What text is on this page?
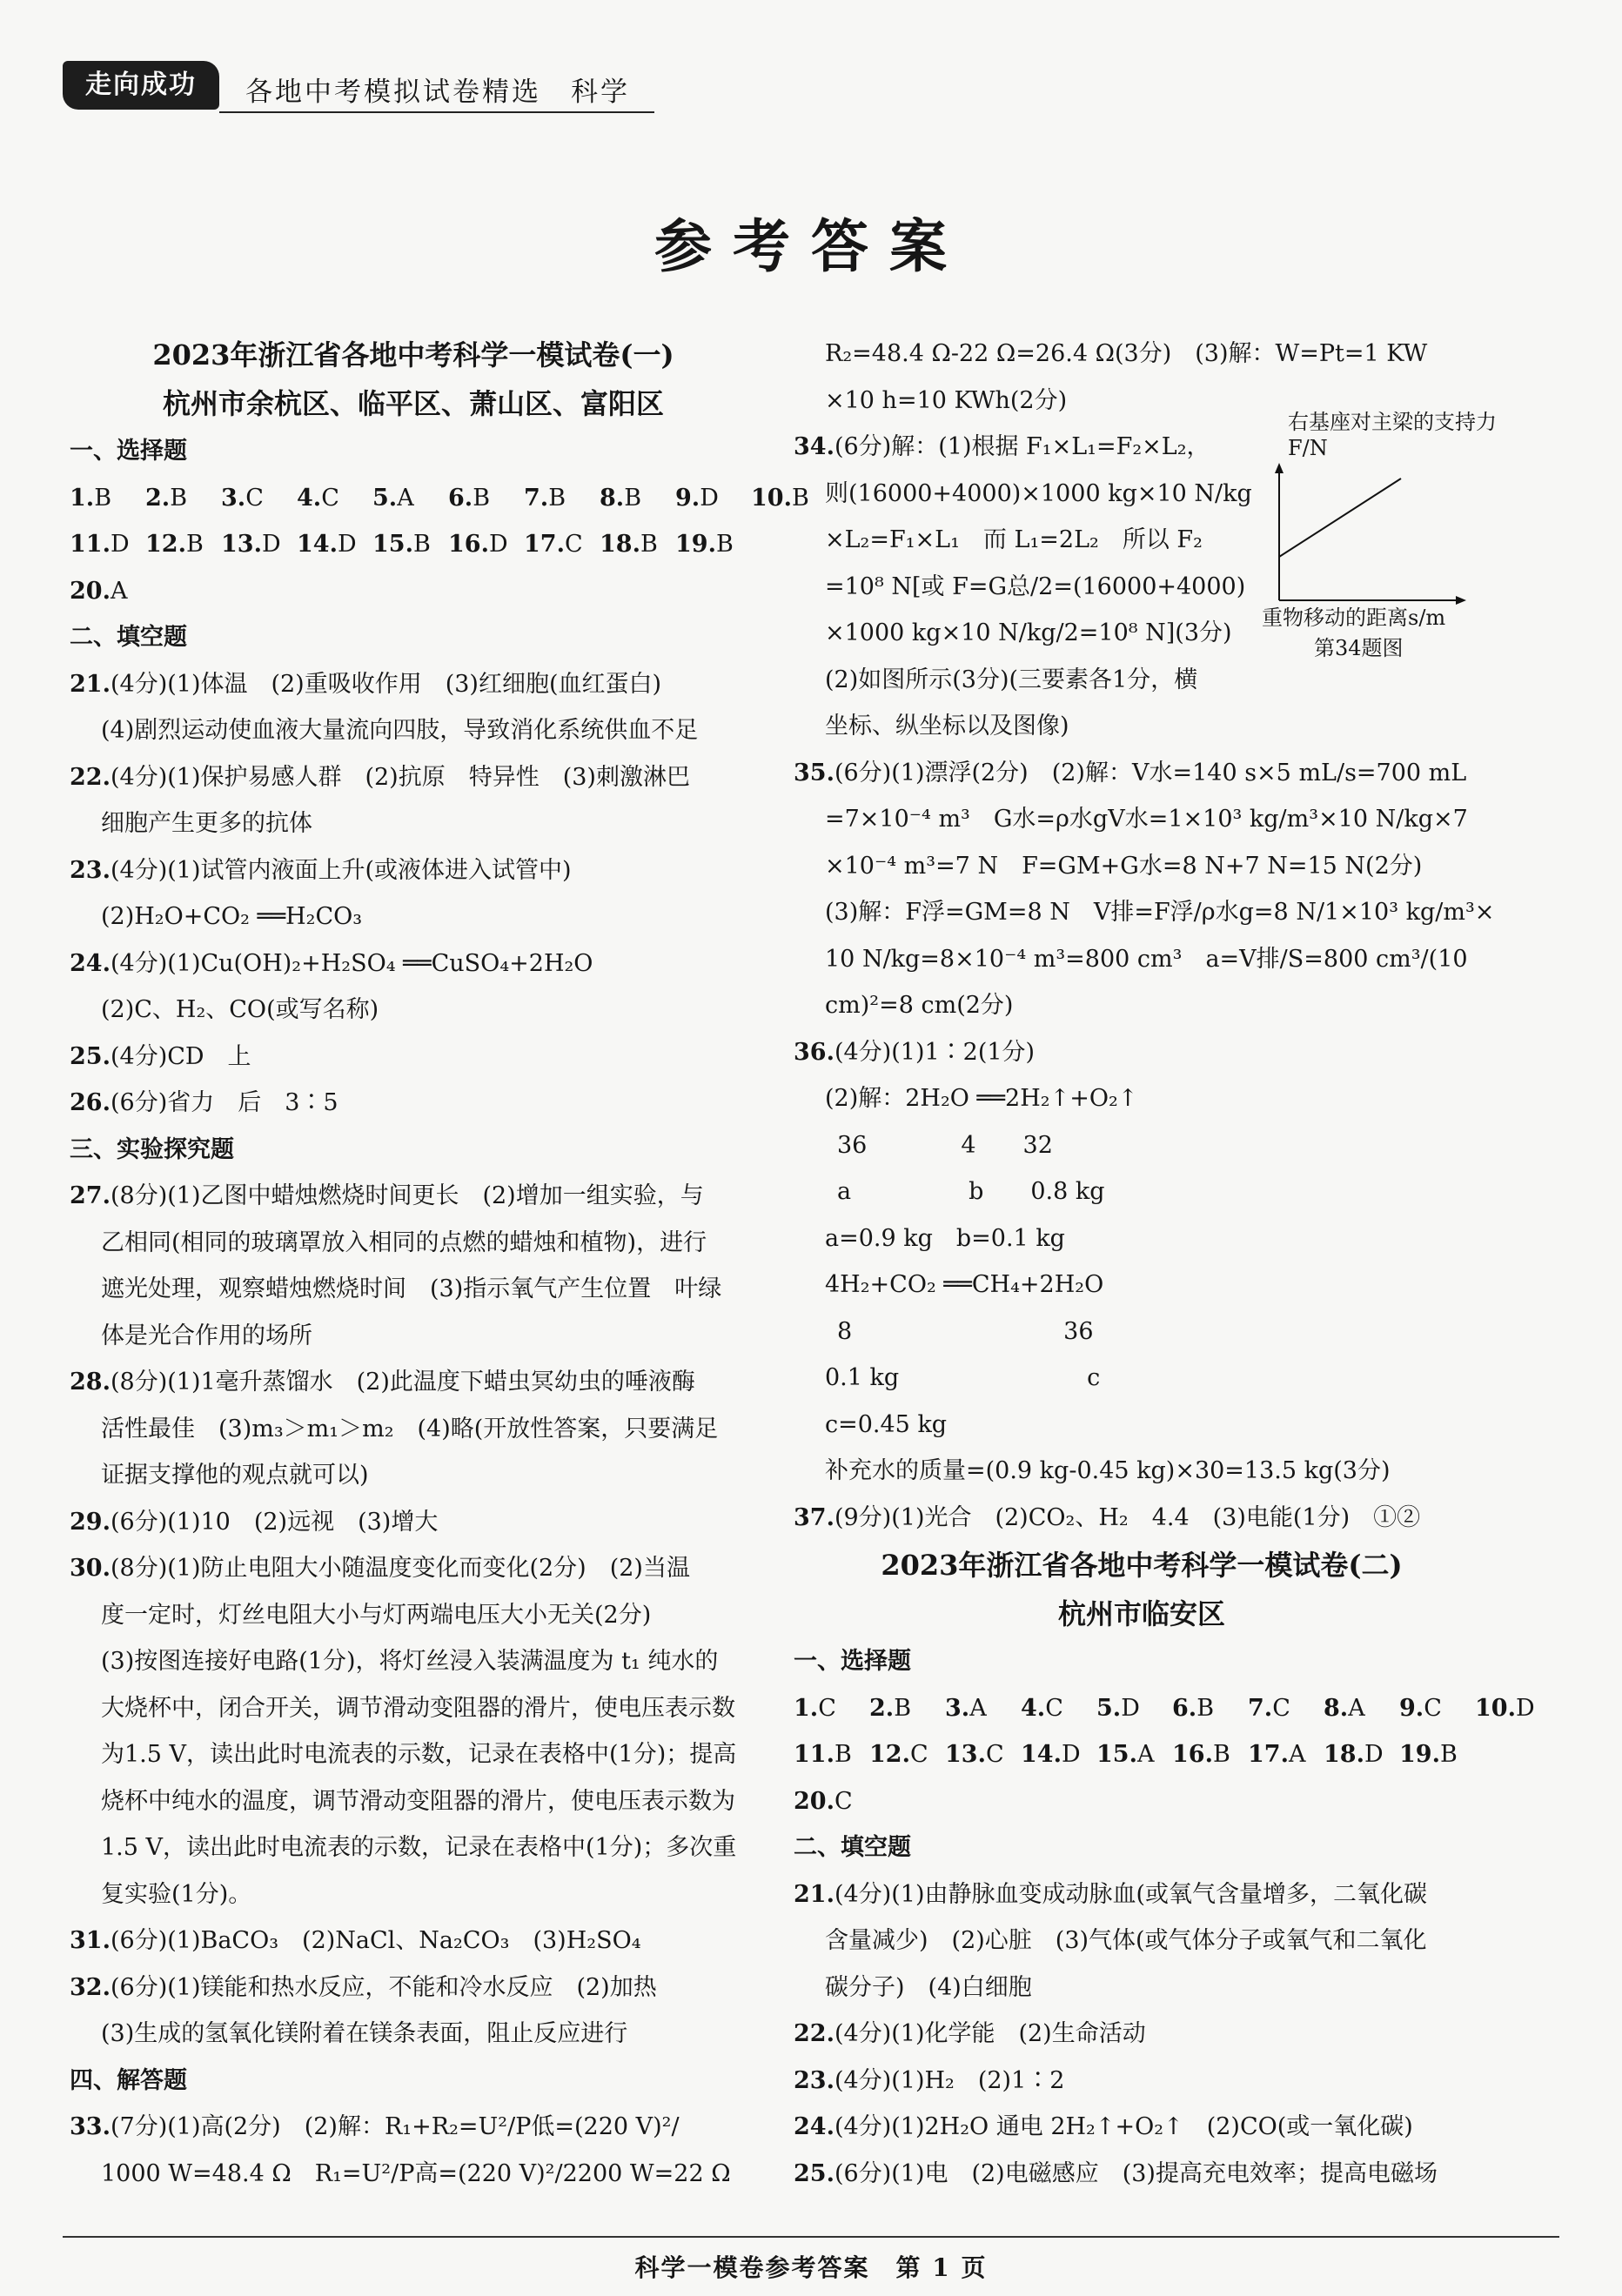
走向成功	各地中考模拟试卷精选　科学
参考答案
2023年浙江省各地中考科学一模试卷(一)
杭州市余杭区、临平区、萧山区、富阳区
一、选择题
1.B 2.B 3.C 4.C 5.A 6.B 7.B 8.B 9.D 10.B
11.D 12.B 13.D 14.D 15.B 16.D 17.C 18.B 19.B
20.A
二、填空题
21.(4分)(1)体温　(2)重吸收作用　(3)红细胞(血红蛋白)
(4)剧烈运动使血液大量流向四肢，导致消化系统供血不足
22.(4分)(1)保护易感人群　(2)抗原　特异性　(3)刺激淋巴
细胞产生更多的抗体
23.(4分)(1)试管内液面上升(或液体进入试管中)
(2)H₂O+CO₂ ══H₂CO₃
24.(4分)(1)Cu(OH)₂+H₂SO₄ ══CuSO₄+2H₂O
(2)C、H₂、CO(或写名称)
25.(4分)CD　上
26.(6分)省力　后　3∶5
三、实验探究题
27.(8分)(1)乙图中蜡烛燃烧时间更长　(2)增加一组实验，与
乙相同(相同的玻璃罩放入相同的点燃的蜡烛和植物)，进行
遮光处理，观察蜡烛燃烧时间　(3)指示氧气产生位置　叶绿
体是光合作用的场所
28.(8分)(1)1毫升蒸馏水　(2)此温度下蜡虫冥幼虫的唾液酶
活性最佳　(3)m₃＞m₁＞m₂　(4)略(开放性答案，只要满足
证据支撑他的观点就可以)
29.(6分)(1)10　(2)远视　(3)增大
30.(8分)(1)防止电阻大小随温度变化而变化(2分)　(2)当温
度一定时，灯丝电阻大小与灯两端电压大小无关(2分)
(3)按图连接好电路(1分)，将灯丝浸入装满温度为 t₁ 纯水的
大烧杯中，闭合开关，调节滑动变阻器的滑片，使电压表示数
为1.5 V，读出此时电流表的示数，记录在表格中(1分)；提高
烧杯中纯水的温度，调节滑动变阻器的滑片，使电压表示数为
1.5 V，读出此时电流表的示数，记录在表格中(1分)；多次重
复实验(1分)。
31.(6分)(1)BaCO₃　(2)NaCl、Na₂CO₃　(3)H₂SO₄
32.(6分)(1)镁能和热水反应，不能和冷水反应　(2)加热
(3)生成的氢氧化镁附着在镁条表面，阻止反应进行
四、解答题
33.(7分)(1)高(2分)　(2)解：R₁+R₂=U²/P低=(220 V)²/
1000 W=48.4 Ω　R₁=U²/P高=(220 V)²/2200 W=22 Ω
R₂=48.4 Ω-22 Ω=26.4 Ω(3分)　(3)解：W=Pt=1 KW
×10 h=10 KWh(2分)
34.(6分)解：(1)根据 F₁×L₁=F₂×L₂，
则(16000+4000)×1000 kg×10 N/kg
×L₂=F₁×L₁　而 L₁=2L₂　所以 F₂
=10⁸ N[或 F=G总/2=(16000+4000)
×1000 kg×10 N/kg/2=10⁸ N](3分)
(2)如图所示(3分)(三要素各1分，横
坐标、纵坐标以及图像)
35.(6分)(1)漂浮(2分)　(2)解：V水=140 s×5 mL/s=700 mL
=7×10⁻⁴ m³　G水=ρ水gV水=1×10³ kg/m³×10 N/kg×7
×10⁻⁴ m³=7 N　F=GM+G水=8 N+7 N=15 N(2分)
(3)解：F浮=GM=8 N　V排=F浮/ρ水g=8 N/1×10³ kg/m³×
10 N/kg=8×10⁻⁴ m³=800 cm³　a=V排/S=800 cm³/(10
cm)²=8 cm(2分)
36.(4分)(1)1∶2(1分)
(2)解：2H₂O ══2H₂↑+O₂↑
36　　　　4　　32
a　　　　　b　　0.8 kg
a=0.9 kg　b=0.1 kg
4H₂+CO₂ ══CH₄+2H₂O
8　　　　　　　　　36
0.1 kg　　　　　　　　c
c=0.45 kg
补充水的质量=(0.9 kg-0.45 kg)×30=13.5 kg(3分)
37.(9分)(1)光合　(2)CO₂、H₂　4.4　(3)电能(1分)　①②
2023年浙江省各地中考科学一模试卷(二)
杭州市临安区
一、选择题
1.C 2.B 3.A 4.C 5.D 6.B 7.C 8.A 9.C 10.D
11.B 12.C 13.C 14.D 15.A 16.B 17.A 18.D 19.B
20.C
二、填空题
21.(4分)(1)由静脉血变成动脉血(或氧气含量增多，二氧化碳
含量减少)　(2)心脏　(3)气体(或气体分子或氧气和二氧化
碳分子)　(4)白细胞
22.(4分)(1)化学能　(2)生命活动
23.(4分)(1)H₂　(2)1∶2
24.(4分)(1)2H₂O 通电 2H₂↑+O₂↑　(2)CO(或一氧化碳)
25.(6分)(1)电　(2)电磁感应　(3)提高充电效率；提高电磁场
右基座对主梁的支持力F/N
重物移动的距离s/m
第34题图
科学一模卷参考答案　第 1 页
